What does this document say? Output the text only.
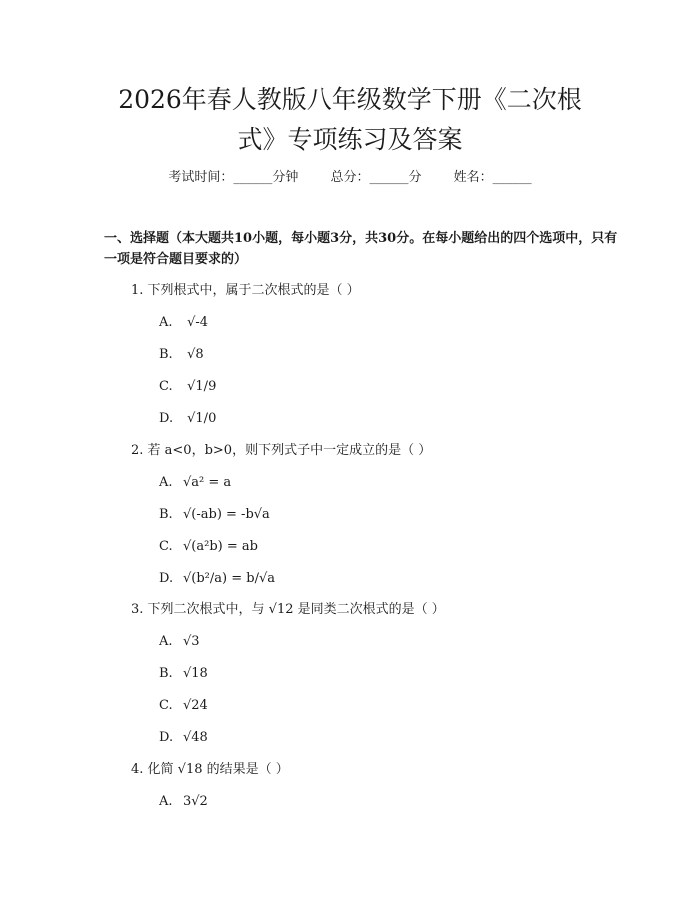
2026年春人教版八年级数学下册《二次根
式》专项练习及答案
考试时间：______分钟 总分：______分 姓名：______
一、选择题（本大题共10小题，每小题3分，共30分。在每小题给出的四个选项中，只有一项是符合题目要求的）
1. 下列根式中，属于二次根式的是（ ）
A. √-4
B. √8
C. √1/9
D. √1/0
2. 若 a<0，b>0，则下列式子中一定成立的是（ ）
A. √a² = a
B. √(-ab) = -b√a
C. √(a²b) = ab
D. √(b²/a) = b/√a
3. 下列二次根式中，与 √12 是同类二次根式的是（ ）
A. √3
B. √18
C. √24
D. √48
4. 化简 √18 的结果是（ ）
A. 3√2
